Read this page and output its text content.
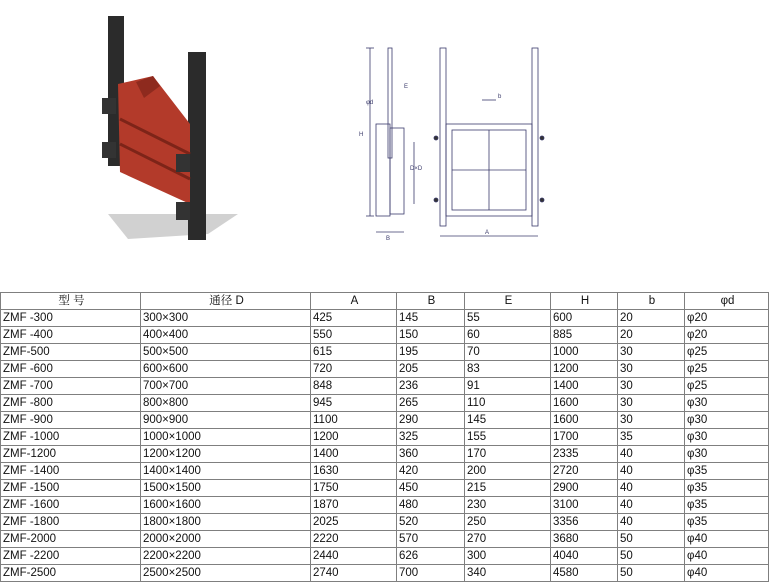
H
B
E
φd
D×D
b
A
型 号	通径 D	A	B	E	H	b	φd
ZMF -300	300×300	425	145	55	600	20	φ20
ZMF -400	400×400	550	150	60	885	20	φ20
ZMF-500	500×500	615	195	70	1000	30	φ25
ZMF -600	600×600	720	205	83	1200	30	φ25
ZMF -700	700×700	848	236	91	1400	30	φ25
ZMF -800	800×800	945	265	110	1600	30	φ30
ZMF -900	900×900	1100	290	145	1600	30	φ30
ZMF -1000	1000×1000	1200	325	155	1700	35	φ30
ZMF-1200	1200×1200	1400	360	170	2335	40	φ30
ZMF -1400	1400×1400	1630	420	200	2720	40	φ35
ZMF -1500	1500×1500	1750	450	215	2900	40	φ35
ZMF -1600	1600×1600	1870	480	230	3100	40	φ35
ZMF -1800	1800×1800	2025	520	250	3356	40	φ35
ZMF-2000	2000×2000	2220	570	270	3680	50	φ40
ZMF -2200	2200×2200	2440	626	300	4040	50	φ40
ZMF-2500	2500×2500	2740	700	340	4580	50	φ40
